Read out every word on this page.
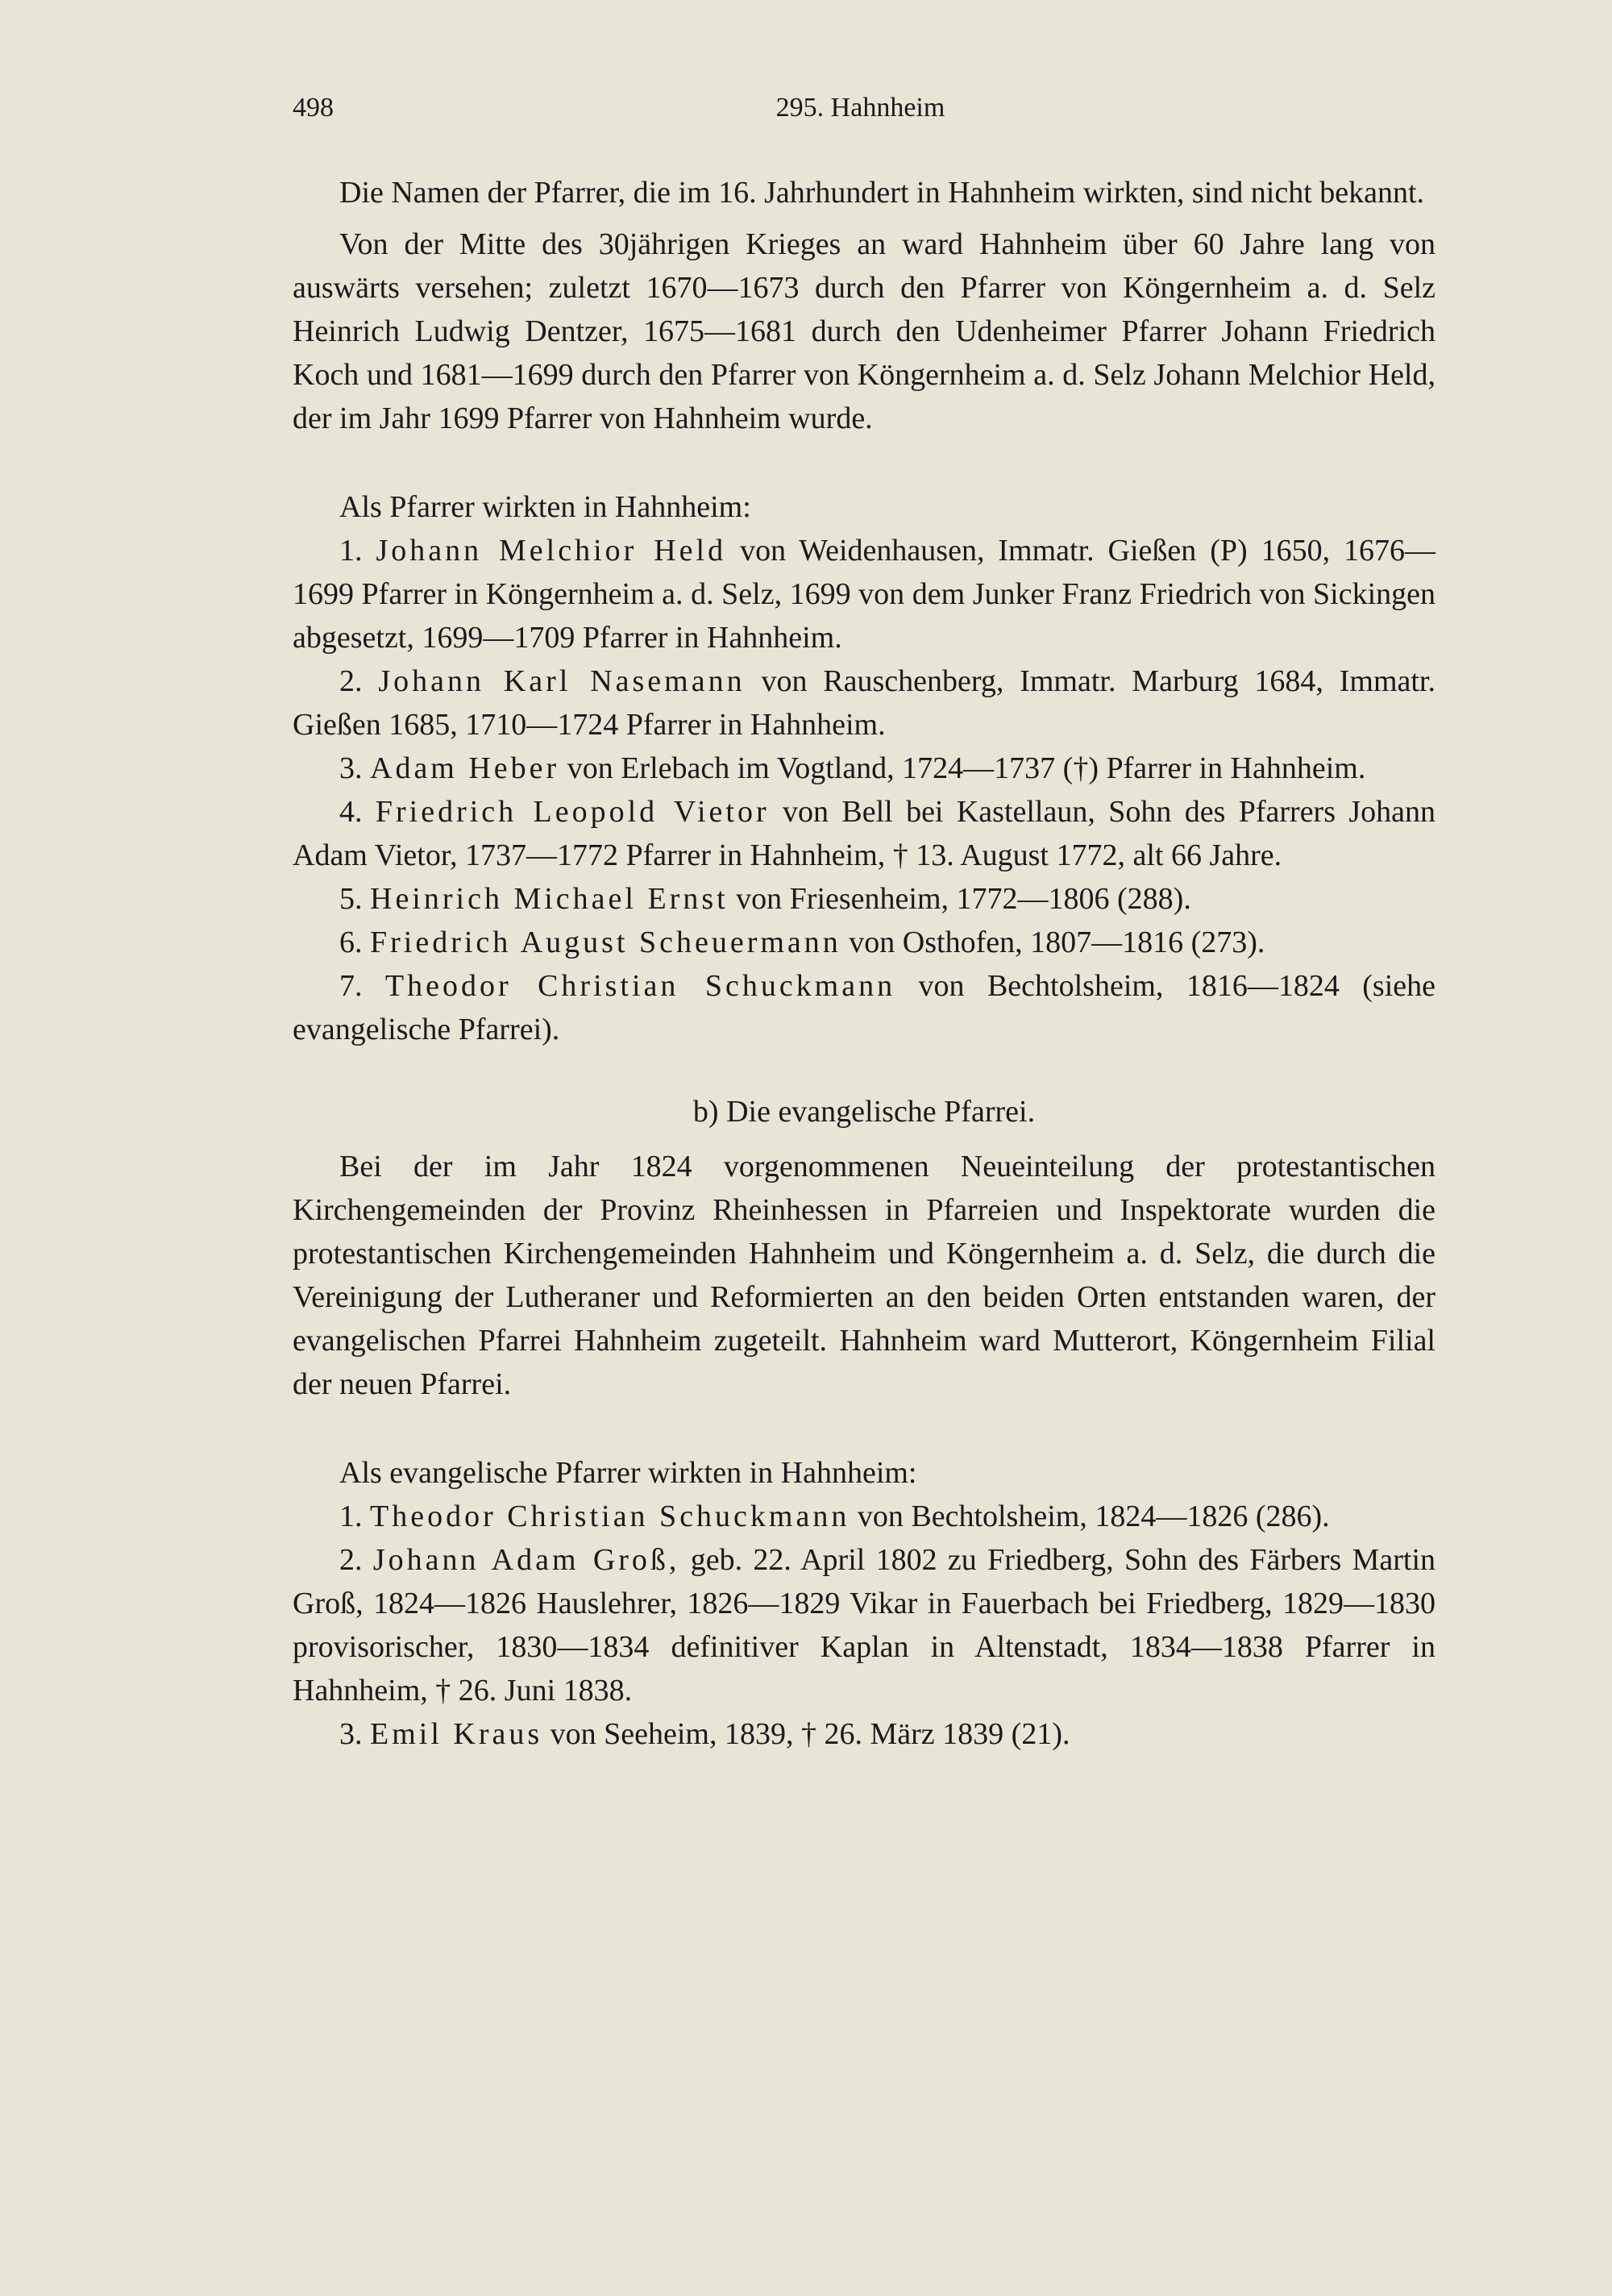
498	295. Hahnheim

Die Namen der Pfarrer, die im 16. Jahrhundert in Hahnheim wirkten, sind nicht bekannt.

Von der Mitte des 30jährigen Krieges an ward Hahnheim über 60 Jahre lang von auswärts versehen; zuletzt 1670—1673 durch den Pfarrer von Köngernheim a. d. Selz Heinrich Ludwig Dentzer, 1675—1681 durch den Udenheimer Pfarrer Johann Friedrich Koch und 1681—1699 durch den Pfarrer von Köngernheim a. d. Selz Johann Melchior Held, der im Jahr 1699 Pfarrer von Hahnheim wurde.

Als Pfarrer wirkten in Hahnheim:

1. Johann Melchior Held von Weidenhausen, Immatr. Gießen (P) 1650, 1676—1699 Pfarrer in Köngernheim a. d. Selz, 1699 von dem Junker Franz Friedrich von Sickingen abgesetzt, 1699—1709 Pfarrer in Hahnheim.

2. Johann Karl Nasemann von Rauschenberg, Immatr. Marburg 1684, Immatr. Gießen 1685, 1710—1724 Pfarrer in Hahnheim.

3. Adam Heber von Erlebach im Vogtland, 1724—1737 (†) Pfarrer in Hahnheim.

4. Friedrich Leopold Vietor von Bell bei Kastellaun, Sohn des Pfarrers Johann Adam Vietor, 1737—1772 Pfarrer in Hahnheim, † 13. August 1772, alt 66 Jahre.

5. Heinrich Michael Ernst von Friesenheim, 1772—1806 (288).

6. Friedrich August Scheuermann von Osthofen, 1807—1816 (273).

7. Theodor Christian Schuckmann von Bechtolsheim, 1816—1824 (siehe evangelische Pfarrei).

b) Die evangelische Pfarrei.

Bei der im Jahr 1824 vorgenommenen Neueinteilung der protestantischen Kirchengemeinden der Provinz Rheinhessen in Pfarreien und Inspektorate wurden die protestantischen Kirchengemeinden Hahnheim und Köngernheim a. d. Selz, die durch die Vereinigung der Lutheraner und Reformierten an den beiden Orten entstanden waren, der evangelischen Pfarrei Hahnheim zugeteilt. Hahnheim ward Mutterort, Köngernheim Filial der neuen Pfarrei.

Als evangelische Pfarrer wirkten in Hahnheim:

1. Theodor Christian Schuckmann von Bechtolsheim, 1824—1826 (286).

2. Johann Adam Groß, geb. 22. April 1802 zu Friedberg, Sohn des Färbers Martin Groß, 1824—1826 Hauslehrer, 1826—1829 Vikar in Fauerbach bei Friedberg, 1829—1830 provisorischer, 1830—1834 definitiver Kaplan in Altenstadt, 1834—1838 Pfarrer in Hahnheim, † 26. Juni 1838.

3. Emil Kraus von Seeheim, 1839, † 26. März 1839 (21).
